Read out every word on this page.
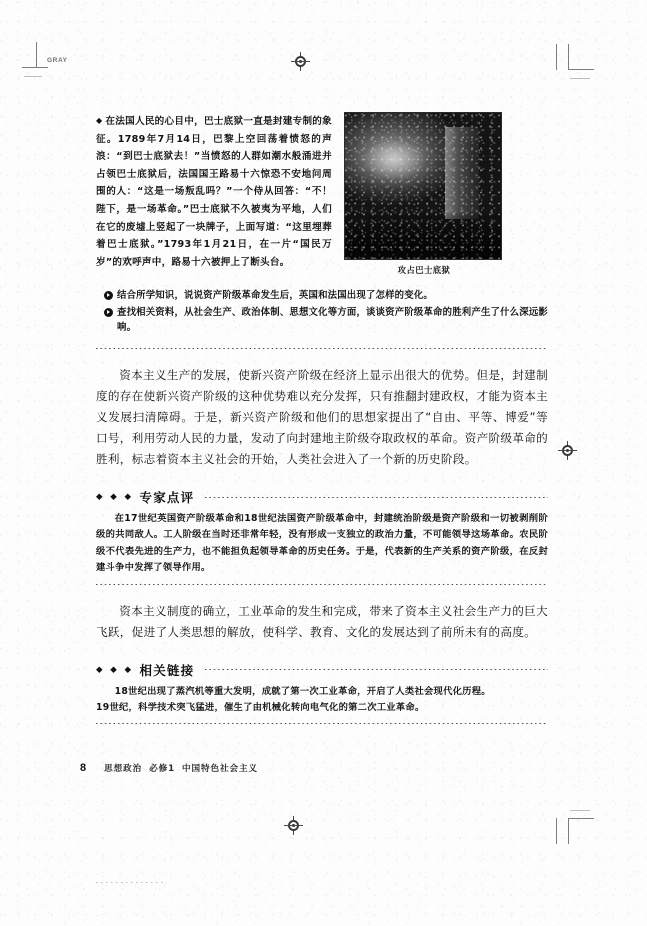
GRAY
◆ 在法国人民的心目中，巴士底狱一直是封建专制的象征。1789年7月14日，巴黎上空回荡着愤怒的声浪：“到巴士底狱去！”当愤怒的人群如潮水般涌进并占领巴士底狱后，法国国王路易十六惊恐不安地问周围的人：“这是一场叛乱吗？”一个侍从回答：“不！陛下，是一场革命。”巴士底狱不久被夷为平地，人们在它的废墟上竖起了一块牌子，上面写道：“这里埋葬着巴士底狱。”1793年1月21日，在一片“国民万岁”的欢呼声中，路易十六被押上了断头台。
攻占巴士底狱
结合所学知识，说说资产阶级革命发生后，英国和法国出现了怎样的变化。
查找相关资料，从社会生产、政治体制、思想文化等方面，谈谈资产阶级革命的胜利产生了什么深远影响。

资本主义生产的发展，使新兴资产阶级在经济上显示出很大的优势。但是，封建制度的存在使新兴资产阶级的这种优势难以充分发挥，只有推翻封建政权，才能为资本主义发展扫清障碍。于是，新兴资产阶级和他们的思想家提出了“自由、平等、博爱”等口号，利用劳动人民的力量，发动了向封建地主阶级夺取政权的革命。资产阶级革命的胜利，标志着资本主义社会的开始，人类社会进入了一个新的历史阶段。

◆ ◆ ◆ 专家点评

在17世纪英国资产阶级革命和18世纪法国资产阶级革命中，封建统治阶级是资产阶级和一切被剥削阶级的共同敌人。工人阶级在当时还非常年轻，没有形成一支独立的政治力量，不可能领导这场革命。农民阶级不代表先进的生产力，也不能担负起领导革命的历史任务。于是，代表新的生产关系的资产阶级，在反封建斗争中发挥了领导作用。

资本主义制度的确立，工业革命的发生和完成，带来了资本主义社会生产力的巨大飞跃，促进了人类思想的解放，使科学、教育、文化的发展达到了前所未有的高度。

◆ ◆ ◆ 相关链接

18世纪出现了蒸汽机等重大发明，成就了第一次工业革命，开启了人类社会现代化历程。

19世纪，科学技术突飞猛进，催生了由机械化转向电气化的第二次工业革命。

8 思想政治 必修1 中国特色社会主义
